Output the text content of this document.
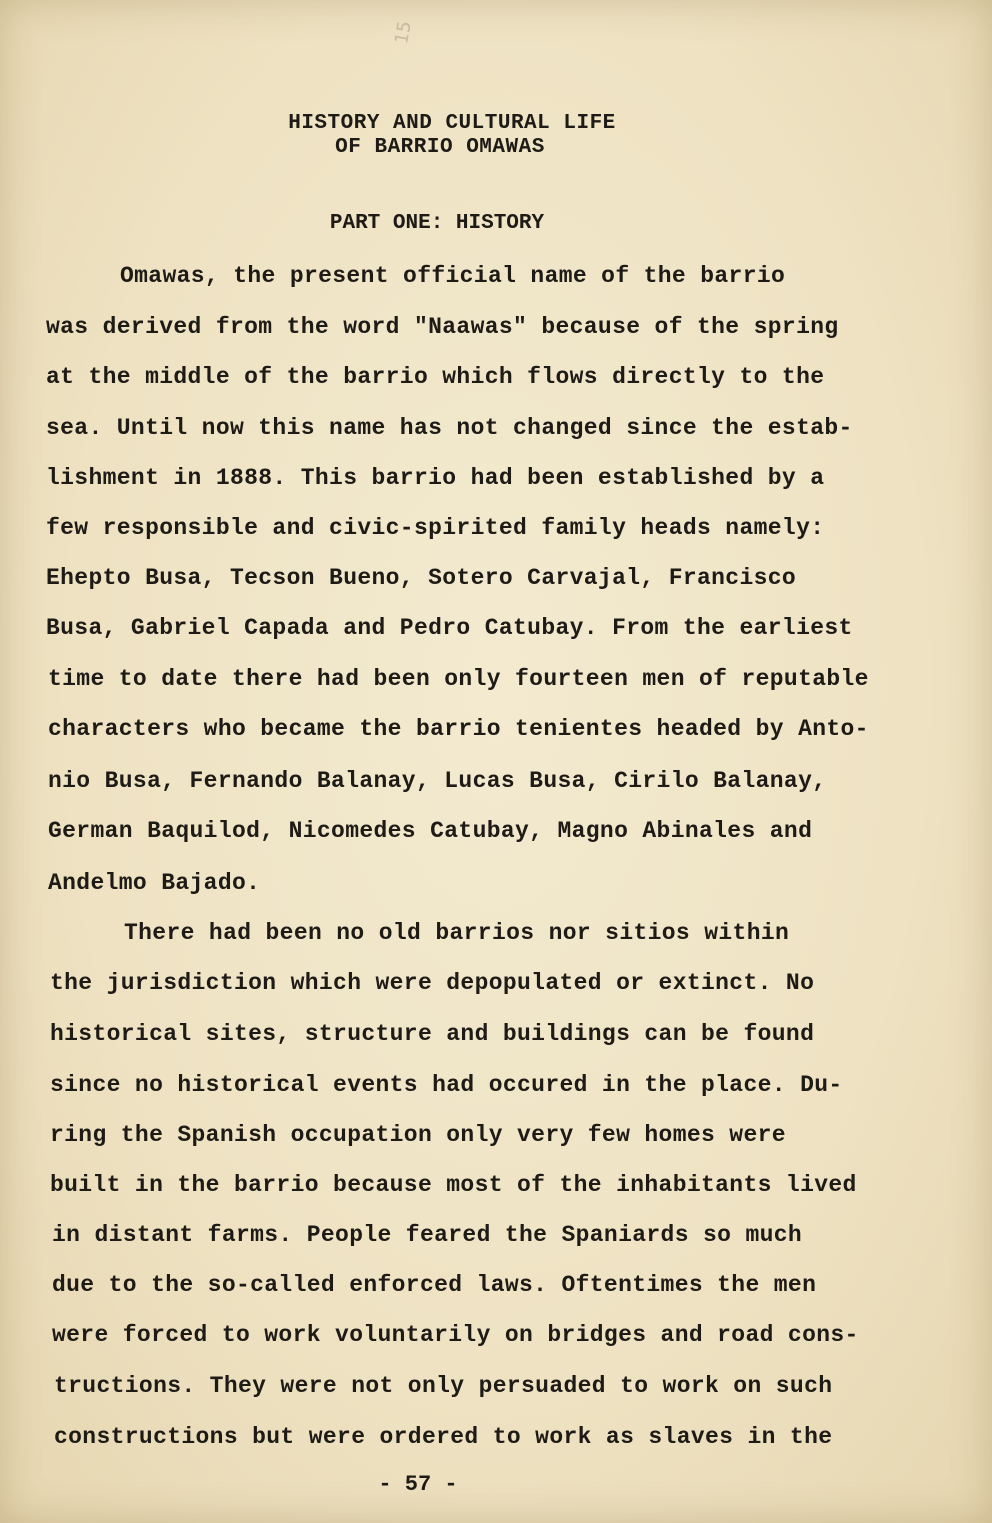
15
HISTORY AND CULTURAL LIFE
OF BARRIO OMAWAS
PART ONE: HISTORY
Omawas, the present official name of the barrio
was derived from the word "Naawas" because of the spring
at the middle of the barrio which flows directly to the
sea. Until now this name has not changed since the estab-
lishment in 1888. This barrio had been established by a
few responsible and civic-spirited family heads namely:
Ehepto Busa, Tecson Bueno, Sotero Carvajal, Francisco
Busa, Gabriel Capada and Pedro Catubay. From the earliest
time to date there had been only fourteen men of reputable
characters who became the barrio tenientes headed by Anto-
nio Busa, Fernando Balanay, Lucas Busa, Cirilo Balanay,
German Baquilod, Nicomedes Catubay, Magno Abinales and
Andelmo Bajado.
There had been no old barrios nor sitios within
the jurisdiction which were depopulated or extinct. No
historical sites, structure and buildings can be found
since no historical events had occured in the place. Du-
ring the Spanish occupation only very few homes were
built in the barrio because most of the inhabitants lived
in distant farms. People feared the Spaniards so much
due to the so-called enforced laws. Oftentimes the men
were forced to work voluntarily on bridges and road cons-
tructions. They were not only persuaded to work on such
constructions but were ordered to work as slaves in the
- 57 -
